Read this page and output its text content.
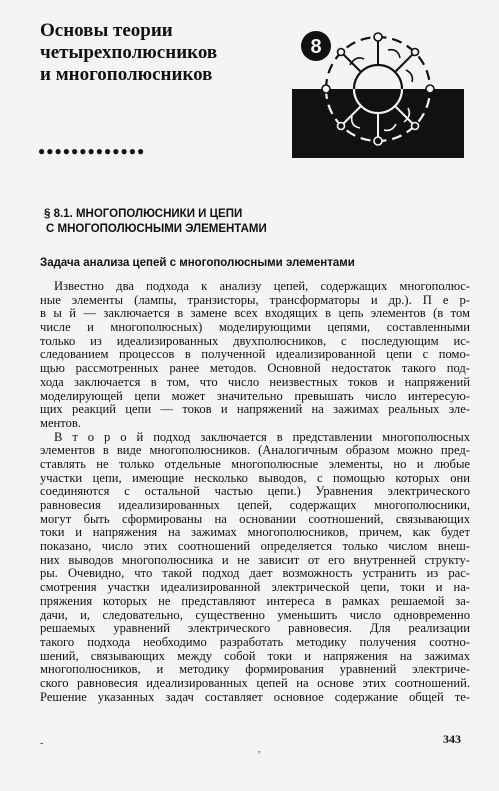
Основы теории
четырехполюсников
и многополюсников
8
●●●●●●●●●●●●●
§ 8.1. МНОГОПОЛЮСНИКИ И ЦЕПИ
С МНОГОПОЛЮСНЫМИ ЭЛЕМЕНТАМИ
Задача анализа цепей с многополюсными элементами
Известно два подхода к анализу цепей, содержащих многополюс-
ные элементы (лампы, транзисторы, трансформаторы и др.). П е р-
в ы й — заключается в замене всех входящих в цепь элементов (в том
числе и многополюсных) моделирующими цепями, составленными
только из идеализированных двухполюсников, с последующим ис-
следованием процессов в полученной идеализированной цепи с помо-
щью рассмотренных ранее методов. Основной недостаток такого под-
хода заключается в том, что число неизвестных токов и напряжений
моделирующей цепи может значительно превышать число интересую-
щих реакций цепи — токов и напряжений на зажимах реальных эле-
ментов.
В т о р о й подход заключается в представлении многополюсных
элементов в виде многополюсников. (Аналогичным образом можно пред-
ставлять не только отдельные многополюсные элементы, но и любые
участки цепи, имеющие несколько выводов, с помощью которых они
соединяются с остальной частью цепи.) Уравнения электрического
равновесия идеализированных цепей, содержащих многополюсники,
могут быть сформированы на основании соотношений, связывающих
токи и напряжения на зажимах многополюсников, причем, как будет
показано, число этих соотношений определяется только числом внеш-
них выводов многополюсника и не зависит от его внутренней структу-
ры. Очевидно, что такой подход дает возможность устранить из рас-
смотрения участки идеализированной электрической цепи, токи и на-
пряжения которых не представляют интереса в рамках решаемой за-
дачи, и, следовательно, существенно уменьшить число одновременно
решаемых уравнений электрического равновесия. Для реализации
такого подхода необходимо разработать методику получения соотно-
шений, связывающих между собой токи и напряжения на зажимах
многополюсников, и методику формирования уравнений электриче-
ского равновесия идеализированных цепей на основе этих соотношений.
Решение указанных задач составляет основное содержание общей те-
343
-
,
